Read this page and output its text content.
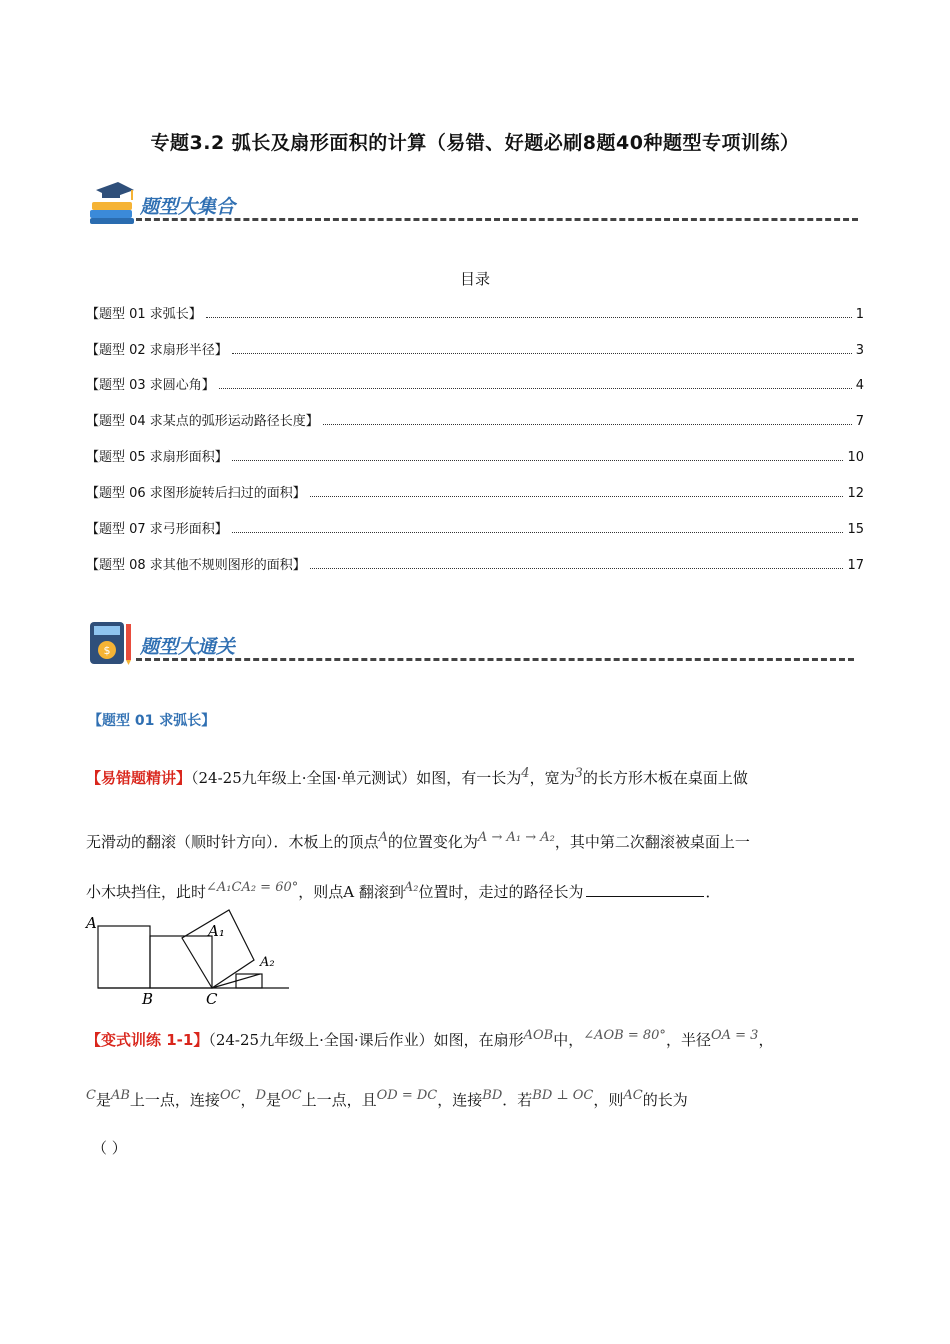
专题3.2 弧长及扇形面积的计算（易错、好题必刷8题40种题型专项训练）
题型大集合
目录
【题型 01 求弧长】	1
【题型 02 求扇形半径】	3
【题型 03 求圆心角】	4
【题型 04 求某点的弧形运动路径长度】	7
【题型 05 求扇形面积】	10
【题型 06 求图形旋转后扫过的面积】	12
【题型 07 求弓形面积】	15
【题型 08 求其他不规则图形的面积】	17
$ 题型大通关
【题型 01 求弧长】
【易错题精讲】（24-25九年级上·全国·单元测试）如图，有一长为4，宽为3的长方形木板在桌面上做
无滑动的翻滚（顺时针方向）．木板上的顶点A的位置变化为A → A₁ → A₂，其中第二次翻滚被桌面上一
小木块挡住，此时∠A₁CA₂ = 60°，则点A 翻滚到A₂位置时，走过的路径长为	．
A	A₁
A₂
B	C
【变式训练 1-1】（24-25九年级上·全国·课后作业）如图，在扇形AOB中，∠AOB = 80°，半径OA = 3，
C是AB上一点，连接OC，D是OC上一点，且OD = DC，连接BD．若BD ⊥ OC，则AC的长为
（ ）
